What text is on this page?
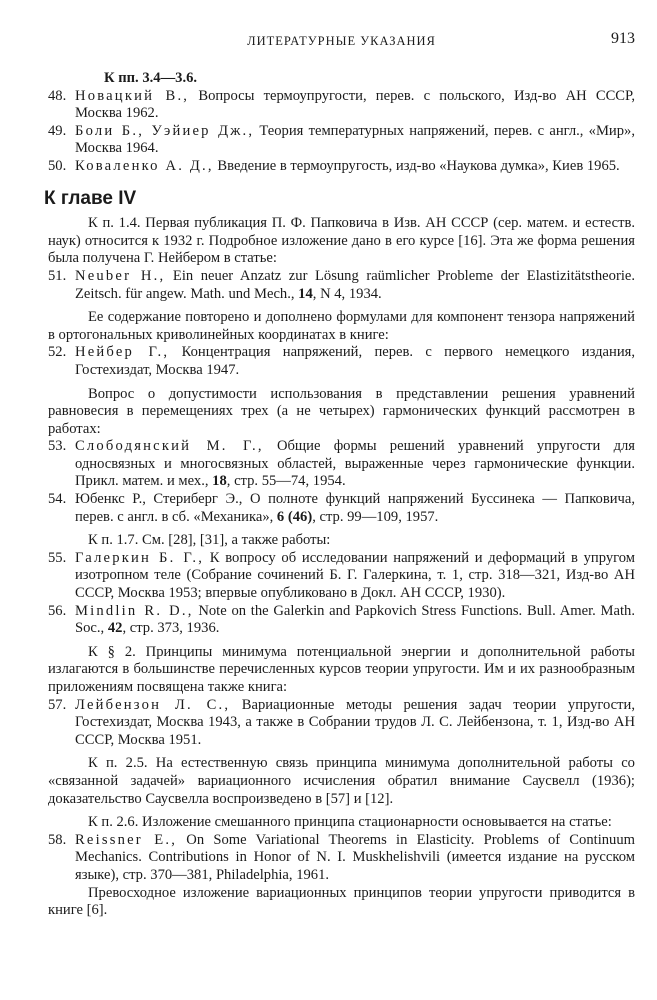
ЛИТЕРАТУРНЫЕ УКАЗАНИЯ	913
К пп. 3.4—3.6.
48. Новацкий В., Вопросы термоупругости, перев. с польского, Изд-во АН СССР, Москва 1962.
49. Боли Б., Уэйиер Дж., Теория температурных напряжений, перев. с англ., «Мир», Москва 1964.
50. Коваленко А. Д., Введение в термоупругость, изд-во «Наукова думка», Киев 1965.
К главе IV
К п. 1.4. Первая публикация П. Ф. Папковича в Изв. АН СССР (сер. матем. и естеств. наук) относится к 1932 г. Подробное изложение дано в его курсе [16]. Эта же форма решения была получена Г. Нейбером в статье:
51. Neuber H., Ein neuer Anzatz zur Lösung raümlicher Probleme der Elastizitätstheorie. Zeitsch. für angew. Math. und Mech., 14, N 4, 1934.
Ее содержание повторено и дополнено формулами для компонент тензора напряжений в ортогональных криволинейных координатах в книге:
52. Нейбер Г., Концентрация напряжений, перев. с первого немецкого издания, Гостехиздат, Москва 1947.
Вопрос о допустимости использования в представлении решения уравнений равновесия в перемещениях трех (а не четырех) гармонических функций рассмотрен в работах:
53. Слободянский М. Г., Общие формы решений уравнений упругости для односвязных и многосвязных областей, выраженные через гармонические функции. Прикл. матем. и мех., 18, стр. 55—74, 1954.
54. Юбенкс Р., Стериберг Э., О полноте функций напряжений Буссинека — Папковича, перев. с англ. в сб. «Механика», 6 (46), стр. 99—109, 1957.
К п. 1.7. См. [28], [31], а также работы:
55. Галеркин Б. Г., К вопросу об исследовании напряжений и деформаций в упругом изотропном теле (Собрание сочинений Б. Г. Галеркина, т. 1, стр. 318—321, Изд-во АН СССР, Москва 1953; впервые опубликовано в Докл. АН СССР, 1930).
56. Mindlin R. D., Note on the Galerkin and Papkovich Stress Functions. Bull. Amer. Math. Soc., 42, стр. 373, 1936.
К § 2. Принципы минимума потенциальной энергии и дополнительной работы излагаются в большинстве перечисленных курсов теории упругости. Им и их разнообразным приложениям посвящена также книга:
57. Лейбензон Л. С., Вариационные методы решения задач теории упругости, Гостехиздат, Москва 1943, а также в Собрании трудов Л. С. Лейбензона, т. 1, Изд-во АН СССР, Москва 1951.
К п. 2.5. На естественную связь принципа минимума дополнительной работы со «связанной задачей» вариационного исчисления обратил внимание Саусвелл (1936); доказательство Саусвелла воспроизведено в [57] и [12].
К п. 2.6. Изложение смешанного принципа стационарности основывается на статье:
58. Reissner E., On Some Variational Theorems in Elasticity. Problems of Continuum Mechanics. Contributions in Honor of N. I. Muskhelishvili (имеется издание на русском языке), стр. 370—381, Philadelphia, 1961.
Превосходное изложение вариационных принципов теории упругости приводится в книге [6].
